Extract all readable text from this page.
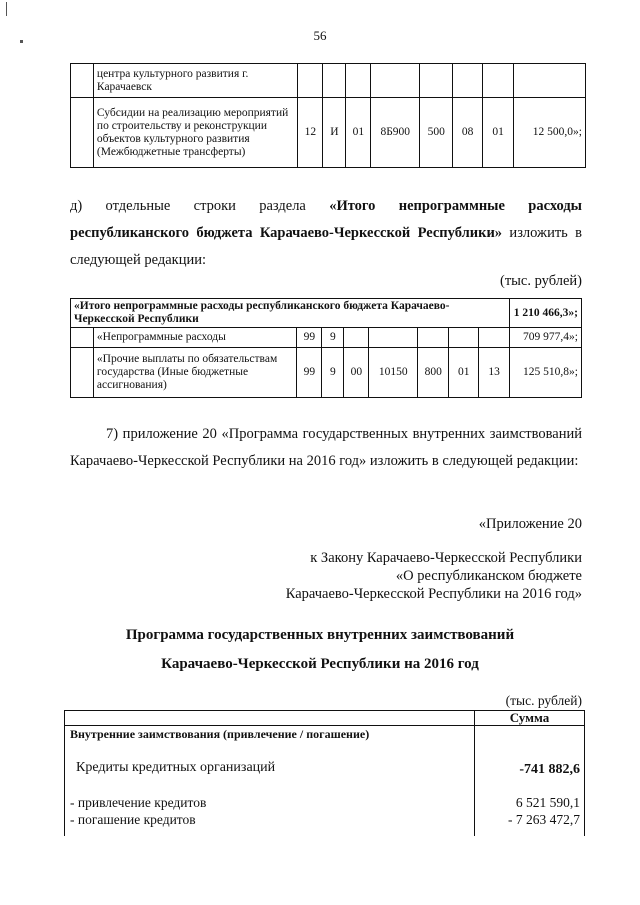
56
	центра культурного развития г. Карачаевск								
	Субсидии на реализацию мероприятий по строительству и реконструкции объектов культурного развития (Межбюджетные трансферты)	12	И	01	8Б900	500	08	01	12 500,0»;
д) отдельные строки раздела «Итого непрограммные расходы республиканского бюджета Карачаево-Черкесской Республики» изложить в следующей редакции:
(тыс. рублей)
«Итого непрограммные расходы республиканского бюджета Карачаево-Черкесской Республики									1 210 466,3»;
	«Непрограммные расходы	99	9						709 977,4»;
	«Прочие выплаты по обязательствам государства (Иные бюджетные ассигнования)	99	9	00	10150	800	01	13	125 510,8»;
7) приложение 20 «Программа государственных внутренних заимствований Карачаево-Черкесской Республики на 2016 год» изложить в следующей редакции:
«Приложение 20
к Закону Карачаево-Черкесской Республики
«О республиканском бюджете
Карачаево-Черкесской Республики на 2016 год»
Программа государственных внутренних заимствований
Карачаево-Черкесской Республики на 2016 год
(тыс. рублей)
Сумма
Внутренние заимствования (привлечение / погашение)
Кредиты кредитных организаций	-741 882,6
- привлечение кредитов	6 521 590,1
- погашение кредитов	- 7 263 472,7
